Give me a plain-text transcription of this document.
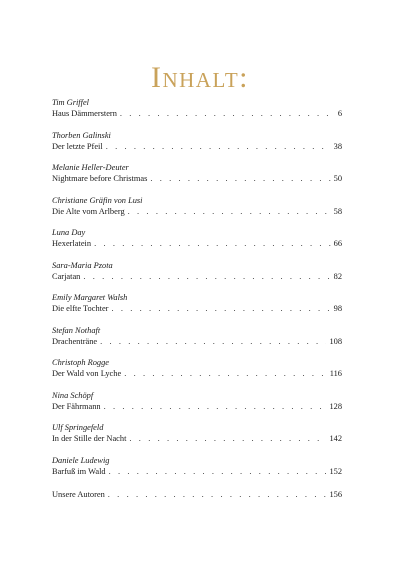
Inhalt:
Tim Griffel
Haus Dämmerstern . . .	6
Thorben Galinski
Der letzte Pfeil . . .	38
Melanie Heller-Deuter
Nightmare before Christmas . . .	50
Christiane Gräfin von Lusi
Die Alte vom Arlberg . . .	58
Luna Day
Hexerlatein . . .	66
Sara-Maria Pzota
Carjatan . . .	82
Emily Margaret Walsh
Die elfte Tochter . . .	98
Stefan Nothaft
Drachenträne . . .	108
Christoph Rogge
Der Wald von Lyche . . .	116
Nina Schöpf
Der Fährmann . . .	128
Ulf Springefeld
In der Stille der Nacht . . .	142
Daniele Ludewig
Barfuß im Wald . . .	152
Unsere Autoren . . .	156
